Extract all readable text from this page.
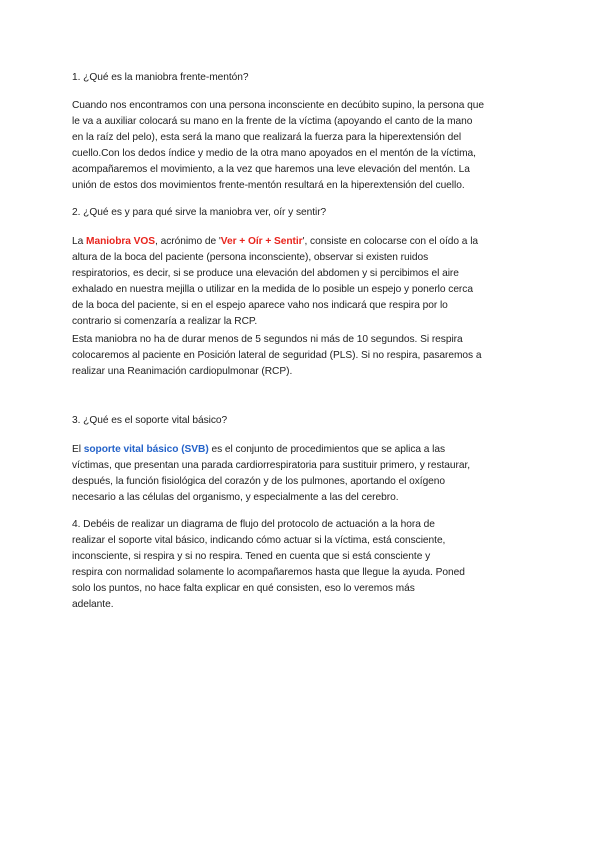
1. ¿Qué es la maniobra frente-mentón?

Cuando nos encontramos con una persona inconsciente en decúbito supino, la persona que
le va a auxiliar colocará su mano en la frente de la víctima (apoyando el canto de la mano
en la raíz del pelo), esta será la mano que realizará la fuerza para la hiperextensión del
cuello.Con los dedos índice y medio de la otra mano apoyados en el mentón de la víctima,
acompañaremos el movimiento, a la vez que haremos una leve elevación del mentón. La
unión de estos dos movimientos frente-mentón resultará en la hiperextensión del cuello.

2. ¿Qué es y para qué sirve la maniobra ver, oír y sentir?

La Maniobra VOS, acrónimo de 'Ver + Oír + Sentir', consiste en colocarse con el oído a la
altura de la boca del paciente (persona inconsciente), observar si existen ruidos
respiratorios, es decir, si se produce una elevación del abdomen y si percibimos el aire
exhalado en nuestra mejilla o utilizar en la medida de lo posible un espejo y ponerlo cerca
de la boca del paciente, si en el espejo aparece vaho nos indicará que respira por lo
contrario si comenzaría a realizar la RCP.

Esta maniobra no ha de durar menos de 5 segundos ni más de 10 segundos. Si respira
colocaremos al paciente en Posición lateral de seguridad (PLS). Si no respira, pasaremos a
realizar una Reanimación cardiopulmonar (RCP).

3. ¿Qué es el soporte vital básico?

El soporte vital básico (SVB) es el conjunto de procedimientos que se aplica a las
víctimas, que presentan una parada cardiorrespiratoria para sustituir primero, y restaurar,
después, la función fisiológica del corazón y de los pulmones, aportando el oxígeno
necesario a las células del organismo, y especialmente a las del cerebro.

4. Debéis de realizar un diagrama de flujo del protocolo de actuación a la hora de
realizar el soporte vital básico, indicando cómo actuar si la víctima, está consciente,
inconsciente, si respira y si no respira. Tened en cuenta que si está consciente y
respira con normalidad solamente lo acompañaremos hasta que llegue la ayuda. Poned
solo los puntos, no hace falta explicar en qué consisten, eso lo veremos más
adelante.
